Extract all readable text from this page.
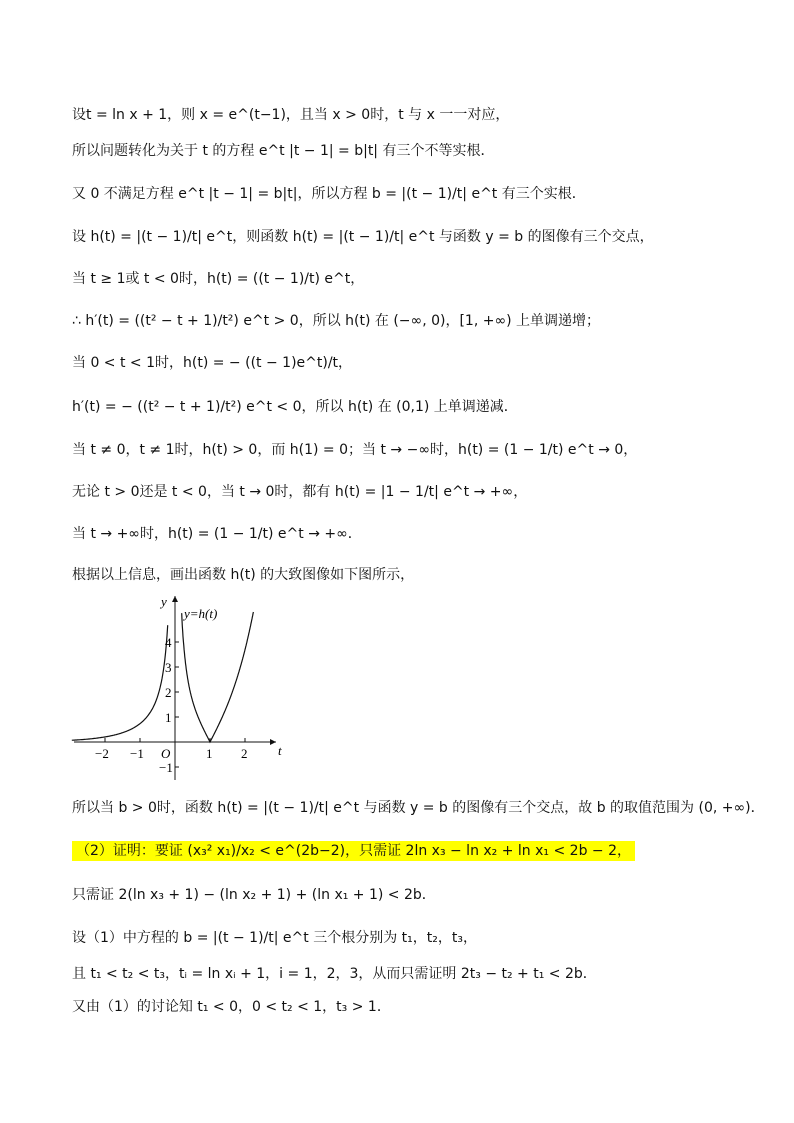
设t = ln x + 1，则 x = e^(t−1)，且当 x > 0时，t 与 x 一一对应，
所以问题转化为关于 t 的方程 e^t |t − 1| = b|t| 有三个不等实根．
又 0 不满足方程 e^t |t − 1| = b|t|，所以方程 b = |(t − 1)/t| e^t 有三个实根．
设 h(t) = |(t − 1)/t| e^t，则函数 h(t) = |(t − 1)/t| e^t 与函数 y = b 的图像有三个交点，
当 t ≥ 1或 t < 0时，h(t) = ((t − 1)/t) e^t，
∴ h′(t) = ((t² − t + 1)/t²) e^t > 0，所以 h(t) 在 (−∞, 0)，[1, +∞) 上单调递增；
当 0 < t < 1时，h(t) = − ((t − 1)e^t)/t，
h′(t) = − ((t² − t + 1)/t²) e^t < 0，所以 h(t) 在 (0,1) 上单调递减．
当 t ≠ 0，t ≠ 1时，h(t) > 0，而 h(1) = 0；当 t → −∞时，h(t) = (1 − 1/t) e^t → 0，
无论 t > 0还是 t < 0，当 t → 0时，都有 h(t) = |1 − 1/t| e^t → +∞，
当 t → +∞时，h(t) = (1 − 1/t) e^t → +∞．
根据以上信息，画出函数 h(t) 的大致图像如下图所示，
−2 −1	1 2
4
3
2
1
−1
y=h(t)
t
y
O
所以当 b > 0时，函数 h(t) = |(t − 1)/t| e^t 与函数 y = b 的图像有三个交点，故 b 的取值范围为 (0, +∞)．
（2）证明：要证 (x₃² x₁)/x₂ < e^(2b−2)，只需证 2ln x₃ − ln x₂ + ln x₁ < 2b − 2，
只需证 2(ln x₃ + 1) − (ln x₂ + 1) + (ln x₁ + 1) < 2b．
设（1）中方程的 b = |(t − 1)/t| e^t 三个根分别为 t₁，t₂，t₃，
且 t₁ < t₂ < t₃，tᵢ = ln xᵢ + 1，i = 1，2，3，从而只需证明 2t₃ − t₂ + t₁ < 2b．
又由（1）的讨论知 t₁ < 0，0 < t₂ < 1，t₃ > 1．
